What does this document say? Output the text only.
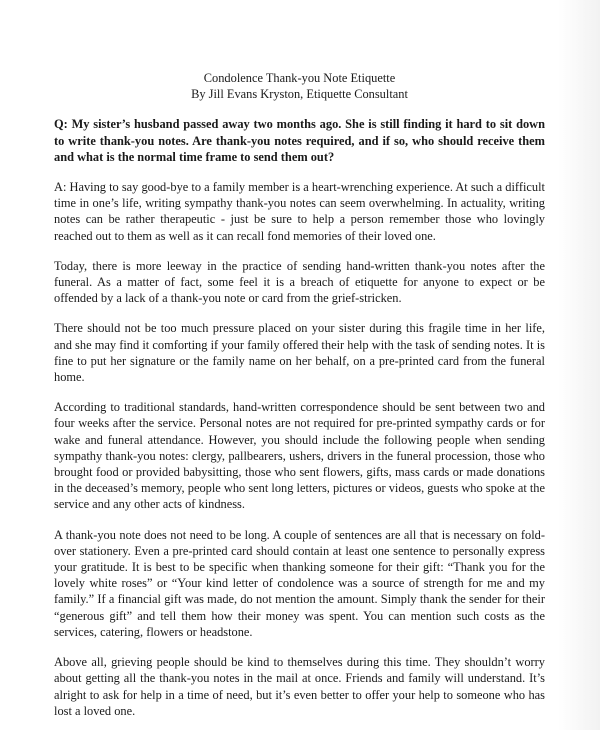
Condolence Thank-you Note Etiquette

By Jill Evans Kryston, Etiquette Consultant

Q: My sister’s husband passed away two months ago. She is still finding it hard to sit down to write thank-you notes. Are thank-you notes required, and if so, who should receive them and what is the normal time frame to send them out?

A: Having to say good-bye to a family member is a heart-wrenching experience. At such a difficult time in one’s life, writing sympathy thank-you notes can seem overwhelming. In actuality, writing notes can be rather therapeutic - just be sure to help a person remember those who lovingly reached out to them as well as it can recall fond memories of their loved one.

Today, there is more leeway in the practice of sending hand-written thank-you notes after the funeral. As a matter of fact, some feel it is a breach of etiquette for anyone to expect or be offended by a lack of a thank-you note or card from the grief-stricken.

There should not be too much pressure placed on your sister during this fragile time in her life, and she may find it comforting if your family offered their help with the task of sending notes. It is fine to put her signature or the family name on her behalf, on a pre-printed card from the funeral home.

According to traditional standards, hand-written correspondence should be sent between two and four weeks after the service. Personal notes are not required for pre-printed sympathy cards or for wake and funeral attendance. However, you should include the following people when sending sympathy thank-you notes: clergy, pallbearers, ushers, drivers in the funeral procession, those who brought food or provided babysitting, those who sent flowers, gifts, mass cards or made donations in the deceased’s memory, people who sent long letters, pictures or videos, guests who spoke at the service and any other acts of kindness.

A thank-you note does not need to be long. A couple of sentences are all that is necessary on fold-over stationery. Even a pre-printed card should contain at least one sentence to personally express your gratitude. It is best to be specific when thanking someone for their gift: “Thank you for the lovely white roses” or “Your kind letter of condolence was a source of strength for me and my family.” If a financial gift was made, do not mention the amount. Simply thank the sender for their “generous gift” and tell them how their money was spent. You can mention such costs as the services, catering, flowers or headstone.

Above all, grieving people should be kind to themselves during this time. They shouldn’t worry about getting all the thank-you notes in the mail at once. Friends and family will understand. It’s alright to ask for help in a time of need, but it’s even better to offer your help to someone who has lost a loved one.
